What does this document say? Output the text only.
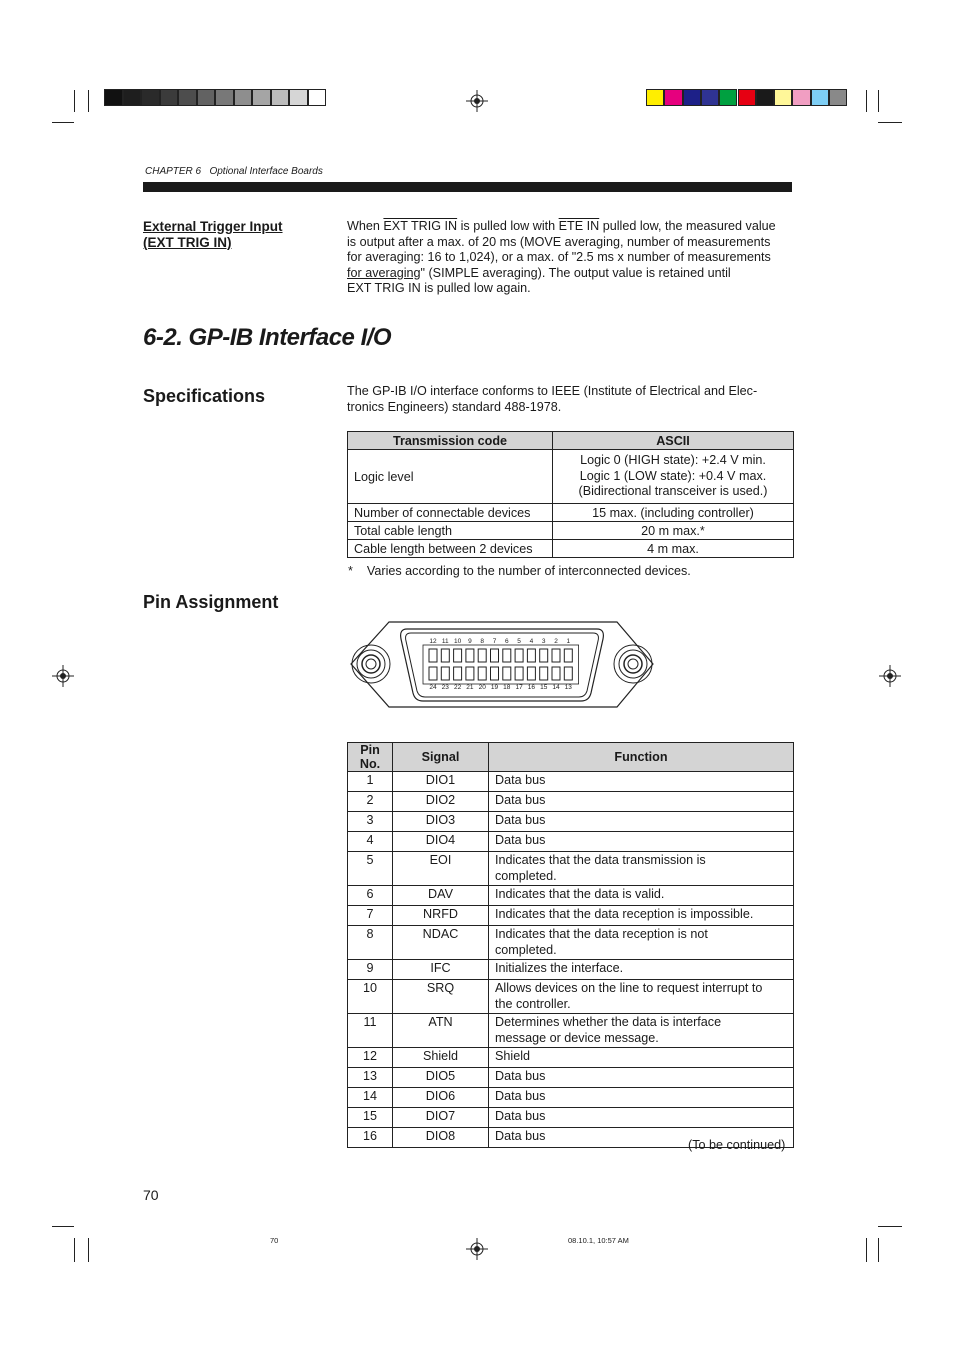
CHAPTER 6 Optional Interface Boards
External Trigger Input
(EXT TRIG IN)
When EXT TRIG IN is pulled low with ETE IN pulled low, the measured value
is output after a max. of 20 ms (MOVE averaging, number of measurements
for averaging: 16 to 1,024), or a max. of "2.5 ms x number of measurements
for averaging" (SIMPLE averaging). The output value is retained until
EXT TRIG IN is pulled low again.
6-2. GP-IB Interface I/O
Specifications	The GP-IB I/O interface conforms to IEEE (Institute of Electrical and Elec-
tronics Engineers) standard 488-1978.
Transmission code	ASCII
Logic level	Logic 0 (HIGH state): +2.4 V min.
Logic 1 (LOW state): +0.4 V max.
(Bidirectional transceiver is used.)

Number of connectable devices	15 max. (including controller)
Total cable length	20 m max.*
Cable length between 2 devices	4 m max.
* Varies according to the number of interconnected devices.
Pin Assignment
12 11 10 9 8 7 6 5 4 3 2 1
24 23 22 21 20 19 18 17 16 15 14 13
Pin No.	Signal	Function
1	DIO1	Data bus

2	DIO2	Data bus

3	DIO3	Data bus

4	DIO4	Data bus

5	EOI	Indicates that the data transmission is
completed.

6	DAV	Indicates that the data is valid.

7	NRFD	Indicates that the data reception is impossible.

8	NDAC	Indicates that the data reception is not
completed.

9	IFC	Initializes the interface.

10	SRQ	Allows devices on the line to request interrupt to
the controller.

11	ATN	Determines whether the data is interface
message or device message.

12	Shield	Shield

13	DIO5	Data bus

14	DIO6	Data bus

15	DIO7	Data bus

16	DIO8	Data bus
(To be continued)
70
70	08.10.1, 10:57 AM
